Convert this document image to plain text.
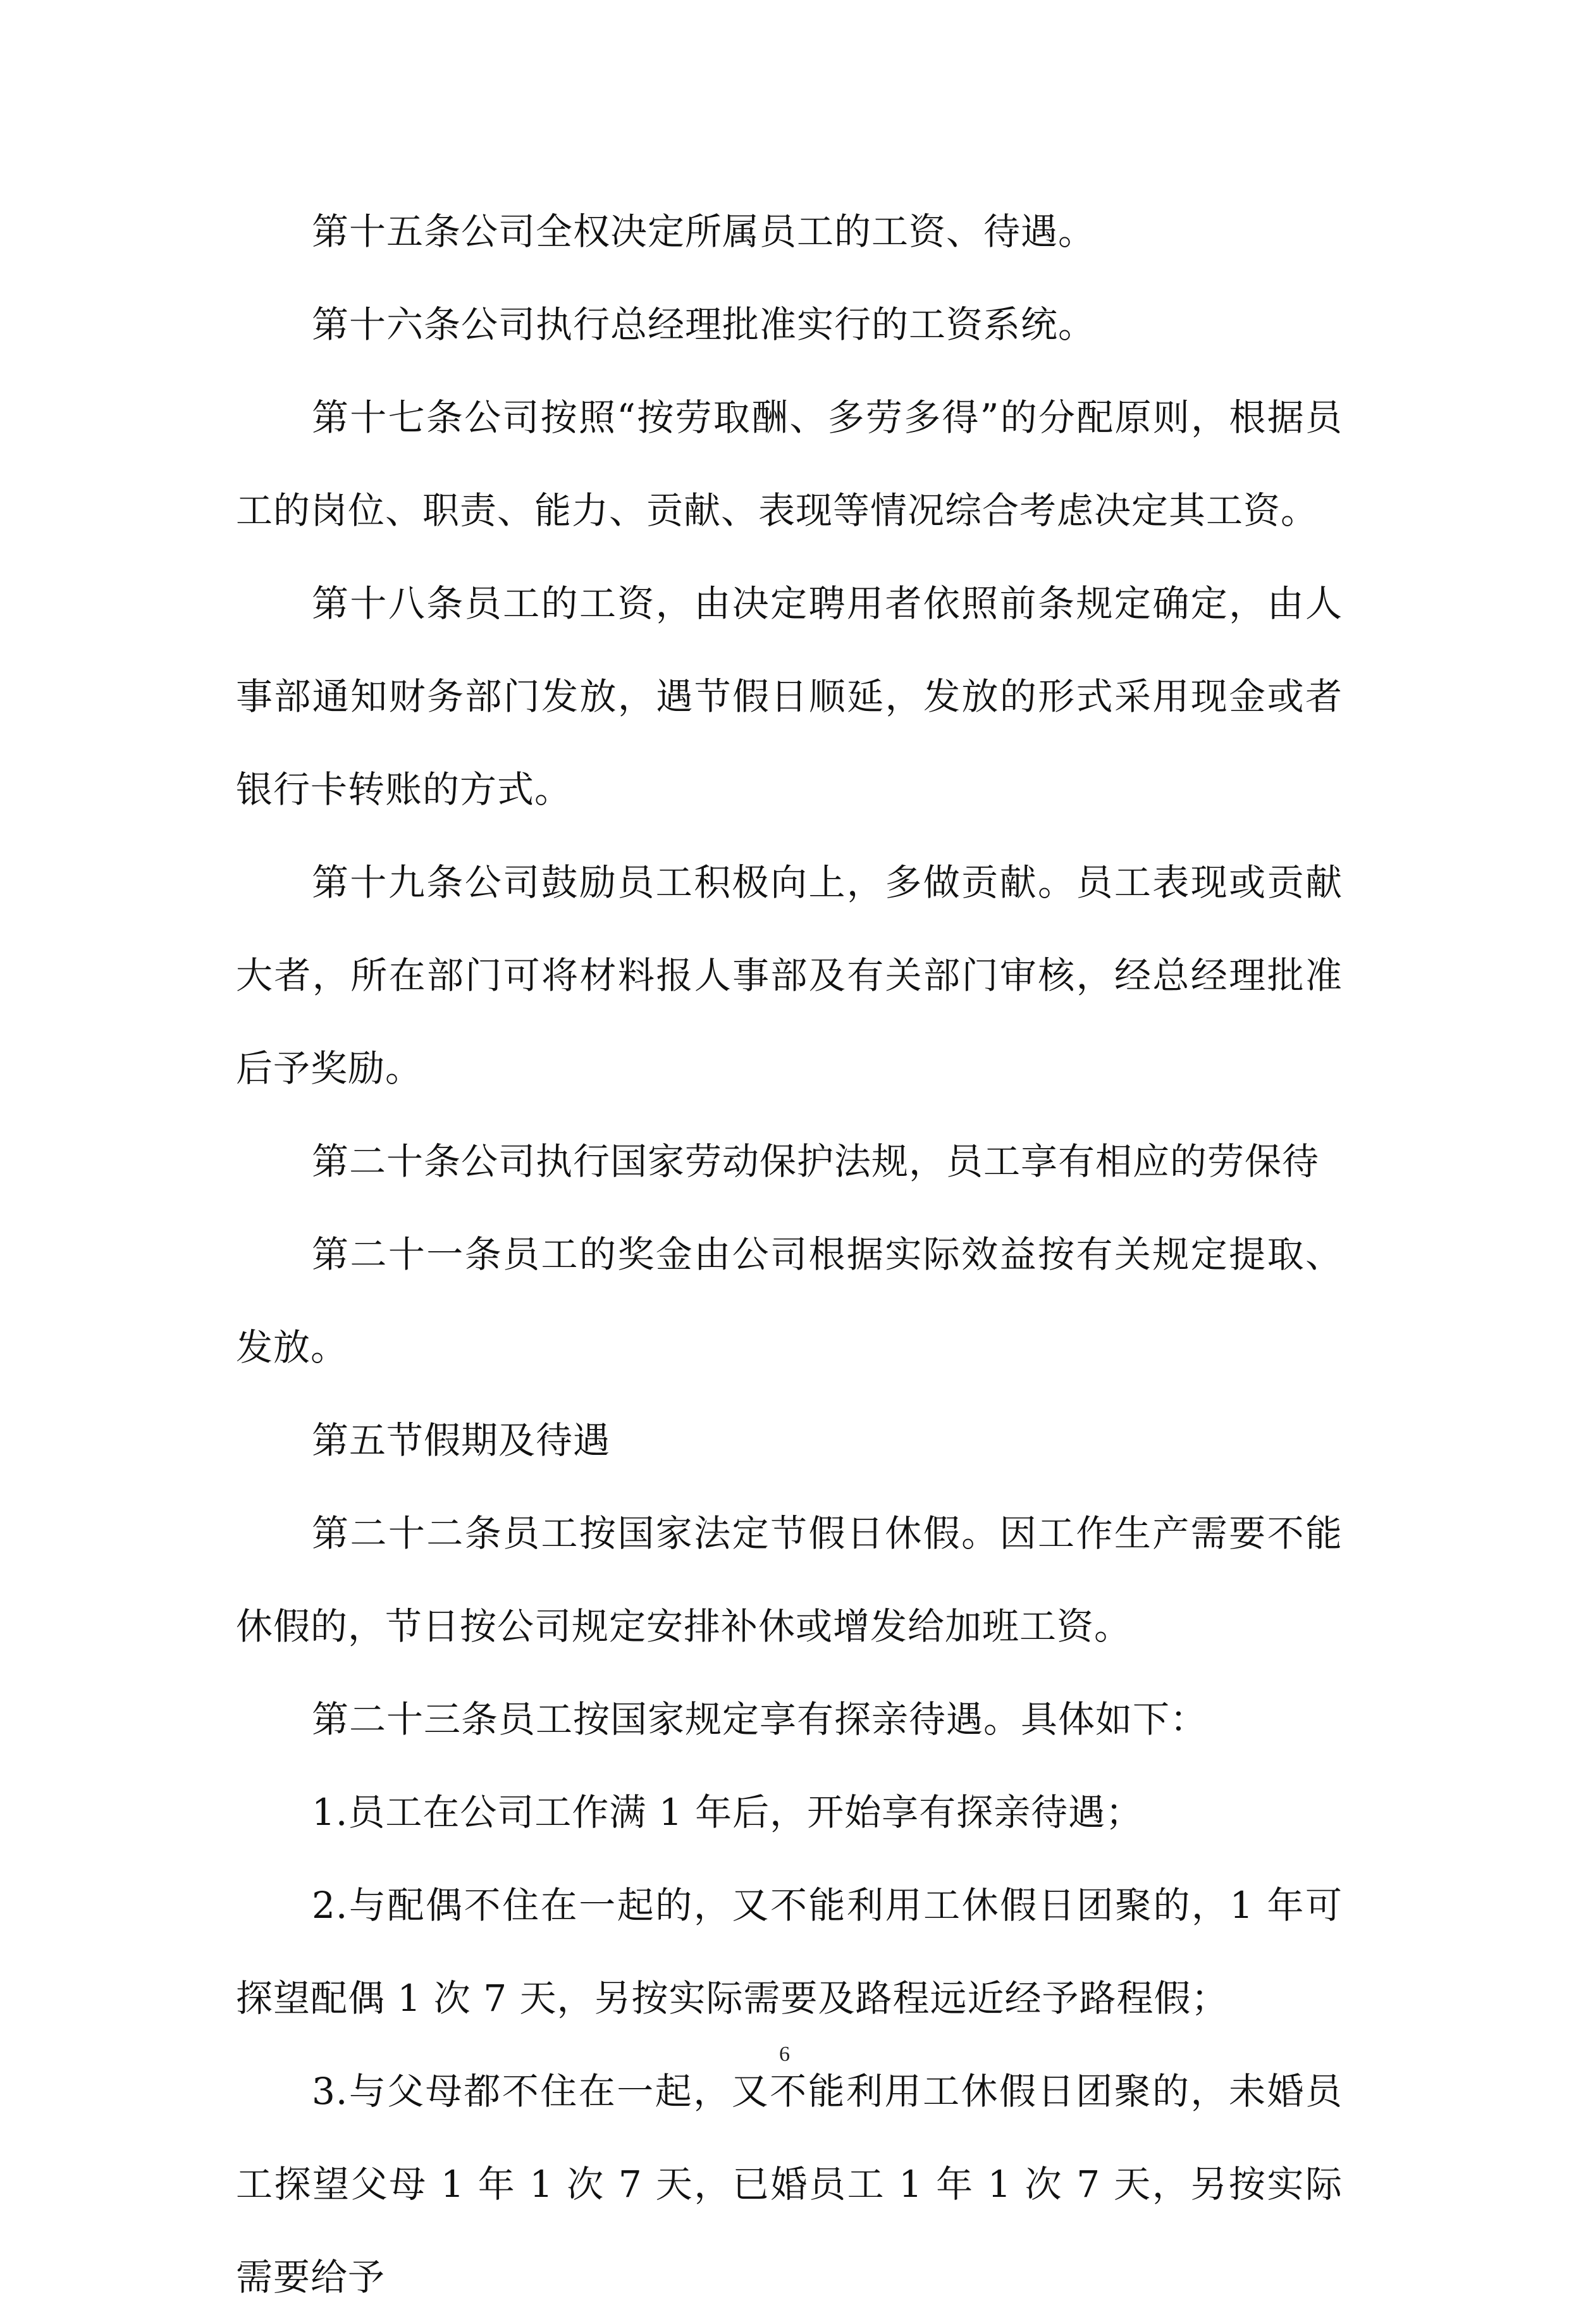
第十五条公司全权决定所属员工的工资、待遇。

第十六条公司执行总经理批准实行的工资系统。

第十七条公司按照“按劳取酬、多劳多得”的分配原则，根据员工的岗位、职责、能力、贡献、表现等情况综合考虑决定其工资。

第十八条员工的工资，由决定聘用者依照前条规定确定，由人事部通知财务部门发放，遇节假日顺延，发放的形式采用现金或者银行卡转账的方式。

第十九条公司鼓励员工积极向上，多做贡献。员工表现或贡献大者，所在部门可将材料报人事部及有关部门审核，经总经理批准后予奖励。

第二十条公司执行国家劳动保护法规，员工享有相应的劳保待

第二十一条员工的奖金由公司根据实际效益按有关规定提取、发放。

第五节假期及待遇

第二十二条员工按国家法定节假日休假。因工作生产需要不能休假的，节日按公司规定安排补休或增发给加班工资。

第二十三条员工按国家规定享有探亲待遇。具体如下：

1.员工在公司工作满 1 年后，开始享有探亲待遇；

2.与配偶不住在一起的，又不能利用工休假日团聚的，1 年可探望配偶 1 次 7 天，另按实际需要及路程远近经予路程假；

3.与父母都不住在一起，又不能利用工休假日团聚的，未婚员工探望父母 1 年 1 次 7 天，已婚员工 1 年 1 次 7 天，另按实际需要给予

6
